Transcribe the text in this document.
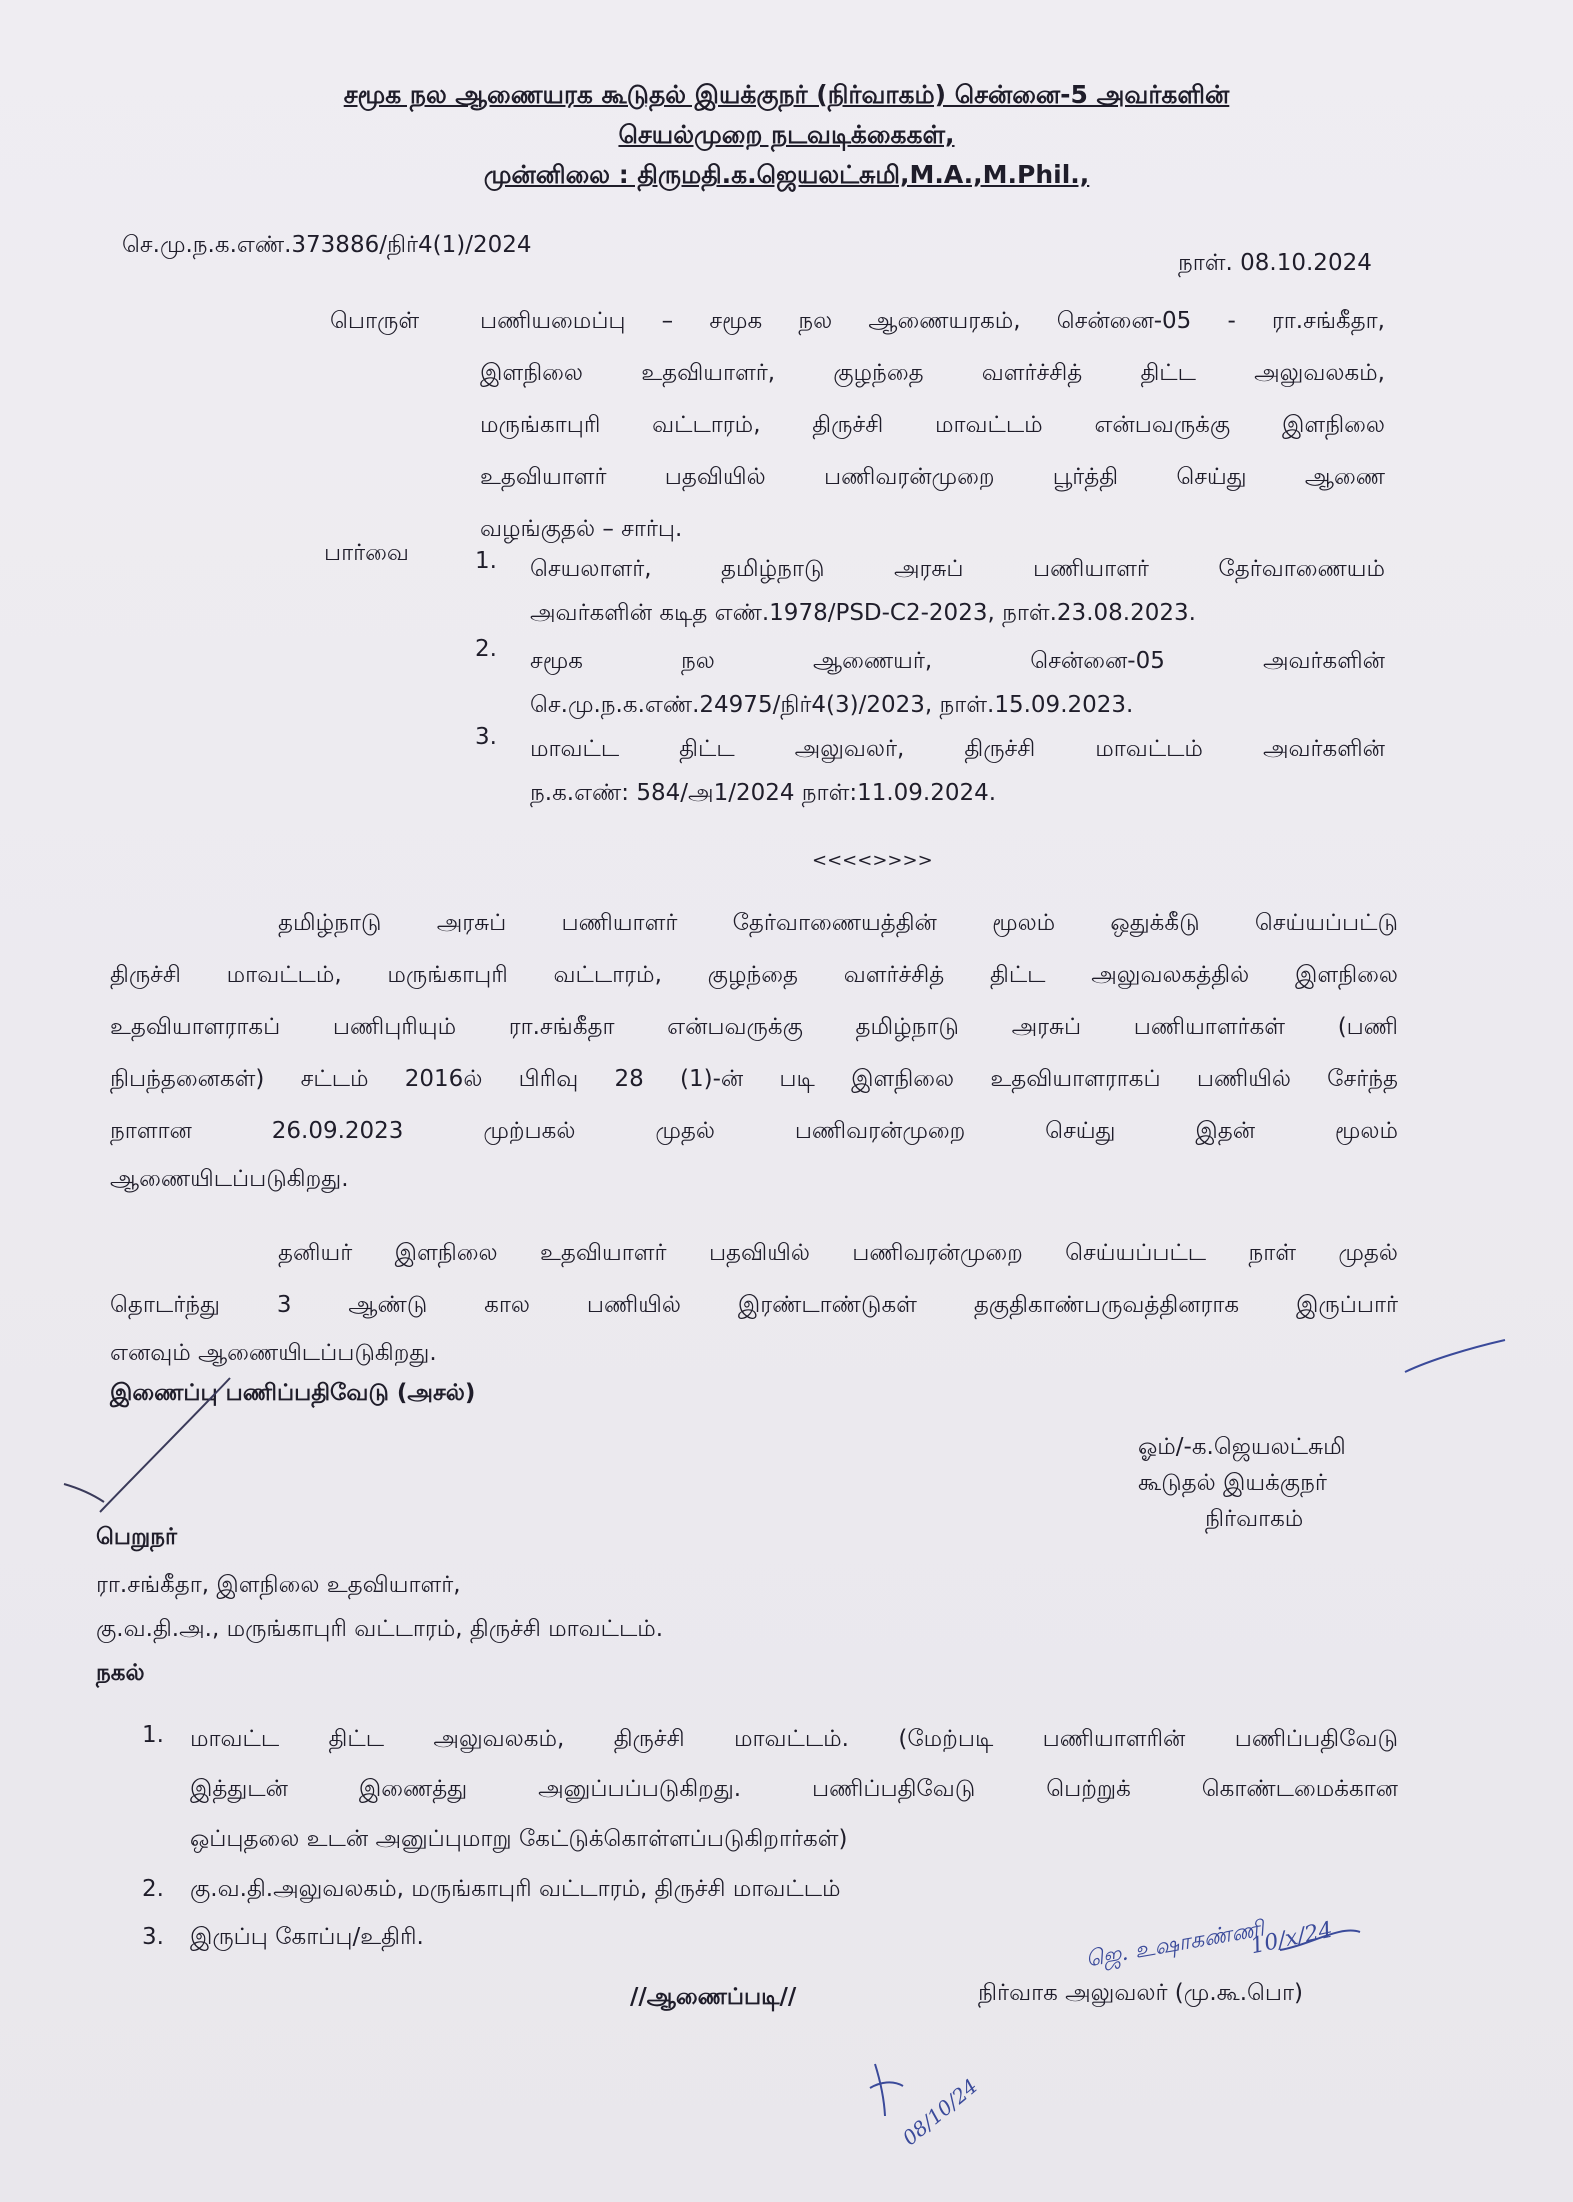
சமூக நல ஆணையரக கூடுதல் இயக்குநர் (நிர்வாகம்) சென்னை-5 அவர்களின்
செயல்முறை நடவடிக்கைகள்,
முன்னிலை : திருமதி.க.ஜெயலட்சுமி,M.A.,M.Phil.,
செ.மு.ந.க.எண்.373886/நிர்4(1)/2024
நாள். 08.10.2024
பொருள்	பணியமைப்பு – சமூக நல ஆணையரகம், சென்னை-05 - ரா.சங்கீதா,
இளநிலை உதவியாளர், குழந்தை வளர்ச்சித் திட்ட அலுவலகம்,
மருங்காபுரி வட்டாரம், திருச்சி மாவட்டம் என்பவருக்கு இளநிலை
உதவியாளர் பதவியில் பணிவரன்முறை பூர்த்தி செய்து ஆணை
வழங்குதல் – சார்பு.
பார்வை	1. செயலாளர், தமிழ்நாடு அரசுப் பணியாளர் தேர்வாணையம்
அவர்களின் கடித எண்.1978/PSD-C2-2023, நாள்.23.08.2023.
2. சமூக நல ஆணையர், சென்னை-05 அவர்களின்
செ.மு.ந.க.எண்.24975/நிர்4(3)/2023, நாள்.15.09.2023.
3. மாவட்ட திட்ட அலுவலர், திருச்சி மாவட்டம் அவர்களின்
ந.க.எண்: 584/அ1/2024 நாள்:11.09.2024.
<<<<>>>>
தமிழ்நாடு அரசுப் பணியாளர் தேர்வாணையத்தின் மூலம் ஒதுக்கீடு செய்யப்பட்டு
திருச்சி மாவட்டம், மருங்காபுரி வட்டாரம், குழந்தை வளர்ச்சித் திட்ட அலுவலகத்தில் இளநிலை
உதவியாளராகப் பணிபுரியும் ரா.சங்கீதா என்பவருக்கு தமிழ்நாடு அரசுப் பணியாளர்கள் (பணி
நிபந்தனைகள்) சட்டம் 2016ல் பிரிவு 28 (1)-ன் படி இளநிலை உதவியாளராகப் பணியில் சேர்ந்த
நாளான 26.09.2023 முற்பகல் முதல் பணிவரன்முறை செய்து இதன் மூலம்
ஆணையிடப்படுகிறது.
தனியர் இளநிலை உதவியாளர் பதவியில் பணிவரன்முறை செய்யப்பட்ட நாள் முதல்
தொடர்ந்து 3 ஆண்டு கால பணியில் இரண்டாண்டுகள் தகுதிகாண்பருவத்தினராக இருப்பார்
எனவும் ஆணையிடப்படுகிறது.
இணைப்பு பணிப்பதிவேடு (அசல்)
ஓம்/-க.ஜெயலட்சுமி
கூடுதல் இயக்குநர்
நிர்வாகம்
பெறுநர்
ரா.சங்கீதா, இளநிலை உதவியாளர்,
கு.வ.தி.அ., மருங்காபுரி வட்டாரம், திருச்சி மாவட்டம்.
நகல்
1. மாவட்ட திட்ட அலுவலகம், திருச்சி மாவட்டம். (மேற்படி பணியாளரின் பணிப்பதிவேடு
இத்துடன் இணைத்து அனுப்பப்படுகிறது. பணிப்பதிவேடு பெற்றுக் கொண்டமைக்கான
ஒப்புதலை உடன் அனுப்புமாறு கேட்டுக்கொள்ளப்படுகிறார்கள்)
2. கு.வ.தி.அலுவலகம், மருங்காபுரி வட்டாரம், திருச்சி மாவட்டம்
3. இருப்பு கோப்பு/உதிரி.
//ஆணைப்படி//
ஜெ. உஷாகண்ணி
10/x/24
நிர்வாக அலுவலர் (மு.கூ.பொ)
08/10/24
